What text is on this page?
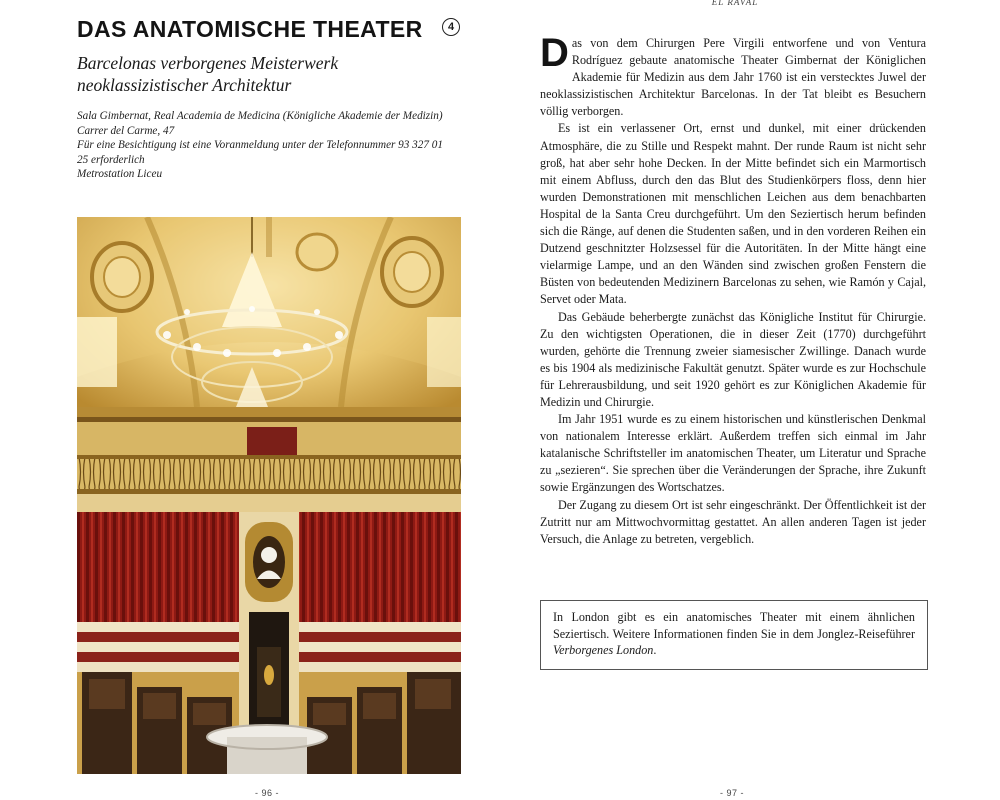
DAS ANATOMISCHE THEATER	4
Barcelonas verborgenes Meisterwerk neoklassizistischer Architektur
Sala Gimbernat, Real Academia de Medicina (Königliche Akademie der Medizin)
Carrer del Carme, 47
Für eine Besichtigung ist eine Voranmeldung unter der Telefonnummer 93 327 01 25 erforderlich
Metrostation Liceu
- 96 -
EL RAVAL

Das von dem Chirurgen Pere Virgili entworfene und von Ventura Rodríguez gebaute anatomische Theater Gimbernat der Königlichen Akademie für Medizin aus dem Jahr 1760 ist ein verstecktes Juwel der neoklassizistischen Architektur Barcelonas. In der Tat bleibt es Besuchern völlig verborgen.

Es ist ein verlassener Ort, ernst und dunkel, mit einer drückenden Atmosphäre, die zu Stille und Respekt mahnt. Der runde Raum ist nicht sehr groß, hat aber sehr hohe Decken. In der Mitte befindet sich ein Marmortisch mit einem Abfluss, durch den das Blut des Studienkörpers floss, denn hier wurden Demonstrationen mit menschlichen Leichen aus dem benachbarten Hospital de la Santa Creu durchgeführt. Um den Seziertisch herum befinden sich die Ränge, auf denen die Studenten saßen, und in den vorderen Reihen ein Dutzend geschnitzter Holzsessel für die Autoritäten. In der Mitte hängt eine vielarmige Lampe, und an den Wänden sind zwischen großen Fenstern die Büsten von bedeutenden Medizinern Barcelonas zu sehen, wie Ramón y Cajal, Servet oder Mata.

Das Gebäude beherbergte zunächst das Königliche Institut für Chirurgie. Zu den wichtigsten Operationen, die in dieser Zeit (1770) durchgeführt wurden, gehörte die Trennung zweier siamesischer Zwillinge. Danach wurde es bis 1904 als medizinische Fakultät genutzt. Später wurde es zur Hochschule für Lehrerausbildung, und seit 1920 gehört es zur Königlichen Akademie für Medizin und Chirurgie.

Im Jahr 1951 wurde es zu einem historischen und künstlerischen Denkmal von nationalem Interesse erklärt. Außerdem treffen sich einmal im Jahr katalanische Schriftsteller im anatomischen Theater, um Literatur und Sprache zu „sezieren“. Sie sprechen über die Veränderungen der Sprache, ihre Zukunft sowie Ergänzungen des Wortschatzes.

Der Zugang zu diesem Ort ist sehr eingeschränkt. Der Öffentlichkeit ist der Zutritt nur am Mittwochvormittag gestattet. An allen anderen Tagen ist jeder Versuch, die Anlage zu betreten, vergeblich.

In London gibt es ein anatomisches Theater mit einem ähnlichen Seziertisch. Weitere Informationen finden Sie in dem Jonglez-Reiseführer Verborgenes London.
- 97 -
